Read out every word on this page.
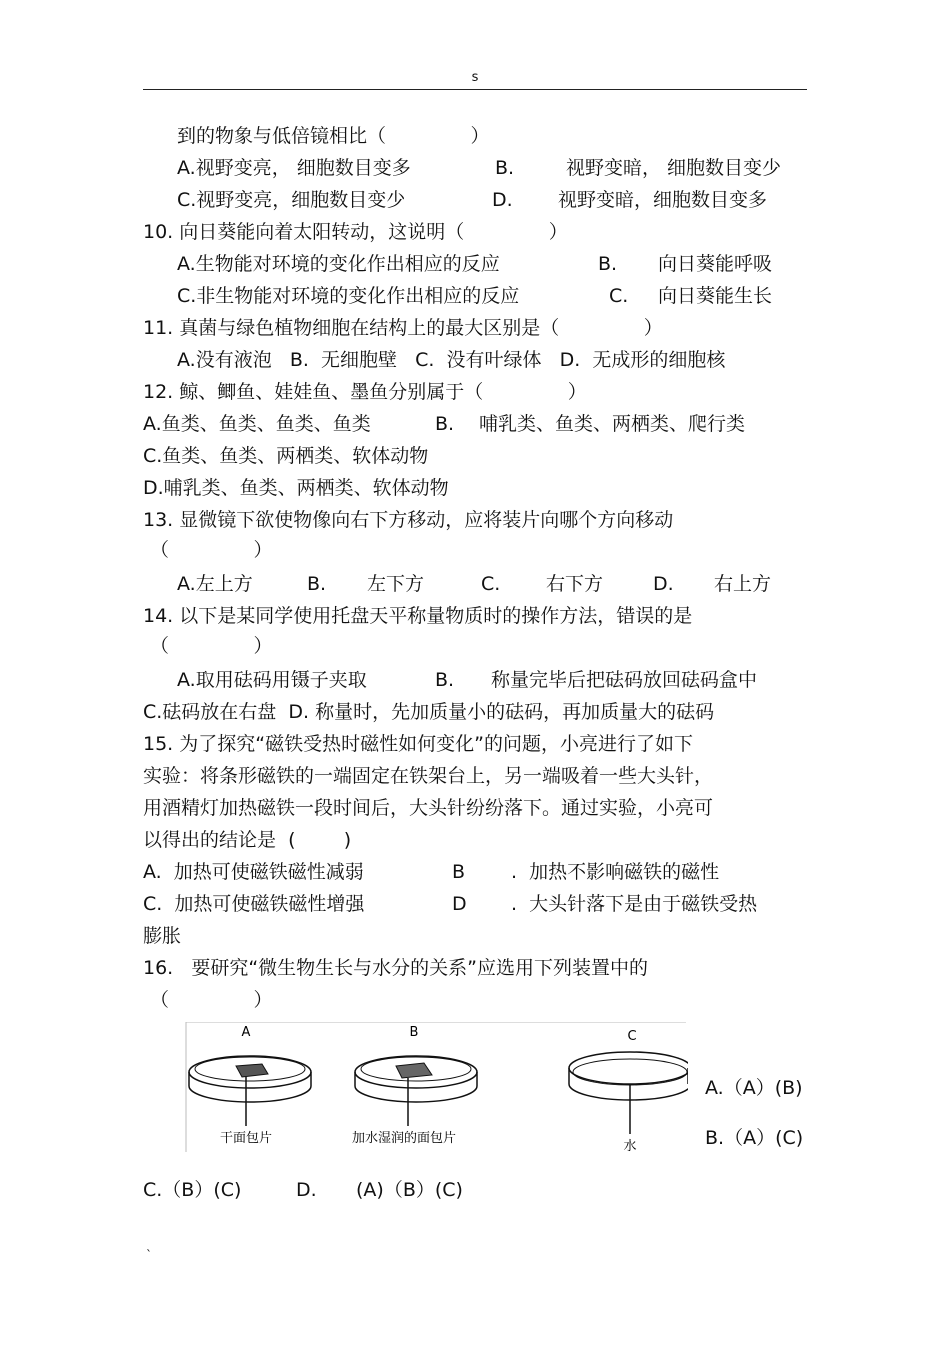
s
到的物象与低倍镜相比（              ）
A.视野变亮， 细胞数目变多	B.	视野变暗， 细胞数目变少
C.视野变亮，细胞数目变少	D. 视野变暗，细胞数目变多
10. 向日葵能向着太阳转动，这说明（              ）
A.生物能对环境的变化作出相应的反应	B. 向日葵能呼吸
C.非生物能对环境的变化作出相应的反应	C. 向日葵能生长
11. 真菌与绿色植物细胞在结构上的最大区别是（              ）
A.没有液泡   B.  无细胞壁   C.  没有叶绿体   D.  无成形的细胞核
12. 鲸、鲫鱼、娃娃鱼、墨鱼分别属于（              ）
A.鱼类、鱼类、鱼类、鱼类	B. 哺乳类、鱼类、两栖类、爬行类
C.鱼类、鱼类、两栖类、软体动物
D.哺乳类、鱼类、两栖类、软体动物
13. 显微镜下欲使物像向右下方移动，应将装片向哪个方向移动
（              ）
A.左上方	B. 左下方	C. 右下方	D. 右上方
14. 以下是某同学使用托盘天平称量物质时的操作方法，错误的是
（              ）
A.取用砝码用镊子夹取	B. 称量完毕后把砝码放回砝码盒中
C.砝码放在右盘  D. 称量时，先加质量小的砝码，再加质量大的砝码
15. 为了探究“磁铁受热时磁性如何变化”的问题，小亮进行了如下
实验：将条形磁铁的一端固定在铁架台上，另一端吸着一些大头针，
用酒精灯加热磁铁一段时间后，大头针纷纷落下。通过实验，小亮可
以得出的结论是  (        )
A.  加热可使磁铁磁性减弱	B .  加热不影响磁铁的磁性
C.  加热可使磁铁磁性增强	D .  大头针落下是由于磁铁受热
膨胀
16.   要研究“微生物生长与水分的关系”应选用下列装置中的
（              ）
A
干面包片
B
加水湿润的面包片
C
水
A.（A）(B)
B.（A）(C)
C.（B）(C)	D. (A)（B）(C)
`
